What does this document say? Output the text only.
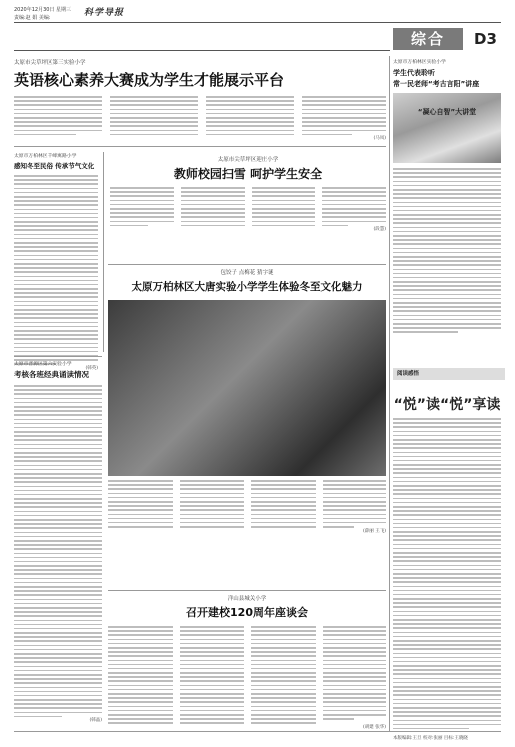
2020年12月30日 星期三
责编:赵 娟 美编:	科学导报
综合	D3
太原市尖草坪区第三实验小学
英语核心素养大赛成为学生才能展示平台
(马凤)
太原市万柏林区千峰寓路小学
感知冬至民俗 传承节气文化
(韩英)
太原市尖草坪区迎庄小学
教师校园扫雪 呵护学生安全
(段慧)
包饺子 点梅花 猜字谜
太原万柏林区大唐实验小学学生体验冬至文化魅力
(薛丽 王飞)
太原市晋源区第六实验小学
考核各班经典诵读情况
(韩晶)
洋山县城关小学
召开建校120周年座谈会
(胡建 张华)
太原市万柏林区实验小学
学生代表聆听
常一民老师“考古言阳”讲座
“凝心自智”大讲堂
阅读感悟
“悦”读“悦”享读
本版编辑:王旦 校对:张丽 目标:王晓晓
